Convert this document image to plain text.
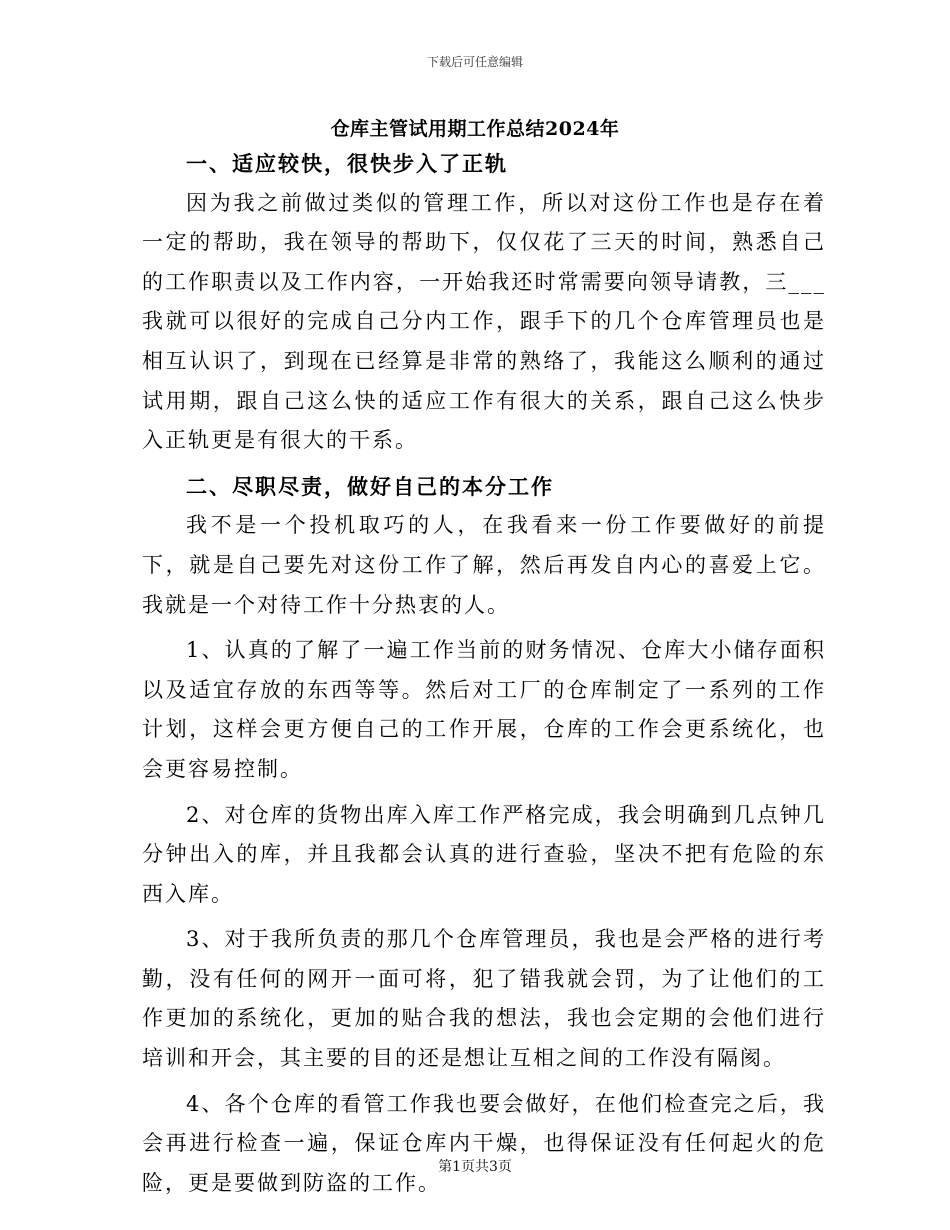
下载后可任意编辑
仓库主管试用期工作总结2024年

一、适应较快，很快步入了正轨

因为我之前做过类似的管理工作，所以对这份工作也是存在着一定的帮助，我在领导的帮助下，仅仅花了三天的时间，熟悉自己的工作职责以及工作内容，一开始我还时常需要向领导请教，三___我就可以很好的完成自己分内工作，跟手下的几个仓库管理员也是相互认识了，到现在已经算是非常的熟络了，我能这么顺利的通过试用期，跟自己这么快的适应工作有很大的关系，跟自己这么快步入正轨更是有很大的干系。

二、尽职尽责，做好自己的本分工作

我不是一个投机取巧的人，在我看来一份工作要做好的前提下，就是自己要先对这份工作了解，然后再发自内心的喜爱上它。我就是一个对待工作十分热衷的人。

1、认真的了解了一遍工作当前的财务情况、仓库大小储存面积以及适宜存放的东西等等。然后对工厂的仓库制定了一系列的工作计划，这样会更方便自己的工作开展，仓库的工作会更系统化，也会更容易控制。

2、对仓库的货物出库入库工作严格完成，我会明确到几点钟几分钟出入的库，并且我都会认真的进行查验，坚决不把有危险的东西入库。

3、对于我所负责的那几个仓库管理员，我也是会严格的进行考勤，没有任何的网开一面可将，犯了错我就会罚，为了让他们的工作更加的系统化，更加的贴合我的想法，我也会定期的会他们进行培训和开会，其主要的目的还是想让互相之间的工作没有隔阂。

4、各个仓库的看管工作我也要会做好，在他们检查完之后，我会再进行检查一遍，保证仓库内干燥，也得保证没有任何起火的危险，更是要做到防盗的工作。

第1页共3页
